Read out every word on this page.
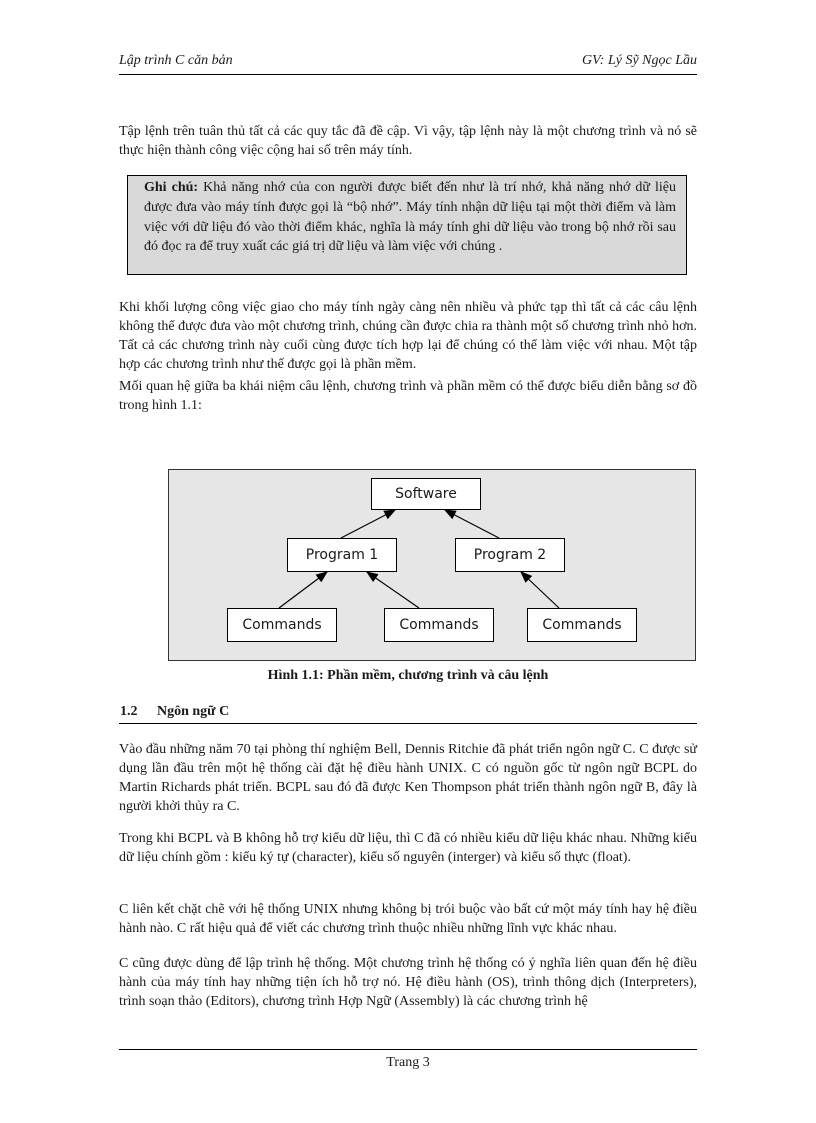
Lập trình C căn bản	GV: Lý Sỹ Ngọc Lầu
Tập lệnh trên tuân thủ tất cả các quy tắc đã đề cập. Vì vậy, tập lệnh này là một chương trình và nó sẽ thực hiện thành công việc cộng hai số trên máy tính.
Ghi chú: Khả năng nhớ của con người được biết đến như là trí nhớ, khả năng nhớ dữ liệu được đưa vào máy tính được gọi là “bộ nhớ”. Máy tính nhận dữ liệu tại một thời điểm và làm việc với dữ liệu đó vào thời điểm khác, nghĩa là máy tính ghi dữ liệu vào trong bộ nhớ rồi sau đó đọc ra để truy xuất các giá trị dữ liệu và làm việc với chúng .
Khi khối lượng công việc giao cho máy tính ngày càng nên nhiều và phức tạp thì tất cả các câu lệnh không thể được đưa vào một chương trình, chúng cần được chia ra thành một số chương trình nhỏ hơn. Tất cả các chương trình này cuối cùng được tích hợp lại để chúng có thể làm việc với nhau. Một tập hợp các chương trình như thế được gọi là phần mềm.
Mối quan hệ giữa ba khái niệm câu lệnh, chương trình và phần mềm có thể được biểu diễn bằng sơ đồ trong hình 1.1:
Software
Program 1	Program 2
Commands	Commands	Commands
Hình 1.1: Phần mềm, chương trình và câu lệnh
1.2 Ngôn ngữ C
Vào đầu những năm 70 tại phòng thí nghiệm Bell, Dennis Ritchie đã phát triển ngôn ngữ C. C được sử dụng lần đầu trên một hệ thống cài đặt hệ điều hành UNIX. C có nguồn gốc từ ngôn ngữ BCPL do Martin Richards phát triển. BCPL sau đó đã được Ken Thompson phát triển thành ngôn ngữ B, đây là người khởi thủy ra C.
Trong khi BCPL và B không hỗ trợ kiểu dữ liệu, thì C đã có nhiều kiểu dữ liệu khác nhau. Những kiểu dữ liệu chính gồm : kiểu ký tự (character), kiểu số nguyên (interger) và kiểu số thực (float).
C liên kết chặt chẽ với hệ thống UNIX nhưng không bị trói buộc vào bất cứ một máy tính hay hệ điều hành nào. C rất hiệu quả để viết các chương trình thuộc nhiều những lĩnh vực khác nhau.
C cũng được dùng để lập trình hệ thống. Một chương trình hệ thống có ý nghĩa liên quan đến hệ điều hành của máy tính hay những tiện ích hỗ trợ nó. Hệ điều hành (OS), trình thông dịch (Interpreters), trình soạn thảo (Editors), chương trình Hợp Ngữ (Assembly) là các chương trình hệ
Trang 3
